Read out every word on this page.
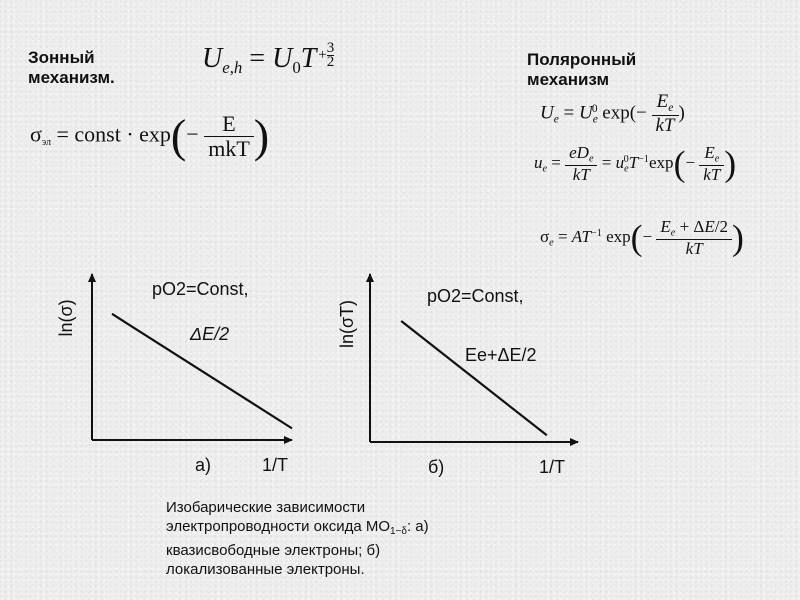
Зонный
механизм.
Поляронный
механизм
$U_{e,h} = U_0T + \frac{3}{2}$
$\sigma_{эл}$ = const · $\exp(- \frac{E}{\text{mkT}}$ )	$U_e = U_e^0$ $\exp(- \frac{E_e}{kT}$ )
$u_e = \frac{eD_e}{kT} = u_e^0T^{-1}\exp(- \frac{E_e}{kT}$ )
$\sigma_e = AT^{-1}$ $\exp(- \frac{E_e + \Delta E/2}{kT}$ )
ln(σ)
pO2=Const,
ΔE/2
а)	1/T
ln(σT)
pO2=Const,
Ee+ΔE/2
б)	1/T
Изобарические зависимости
электропроводности оксида $МО_{1-\delta}$: а)
квазисвободные электроны; б)
локализованные электроны.
